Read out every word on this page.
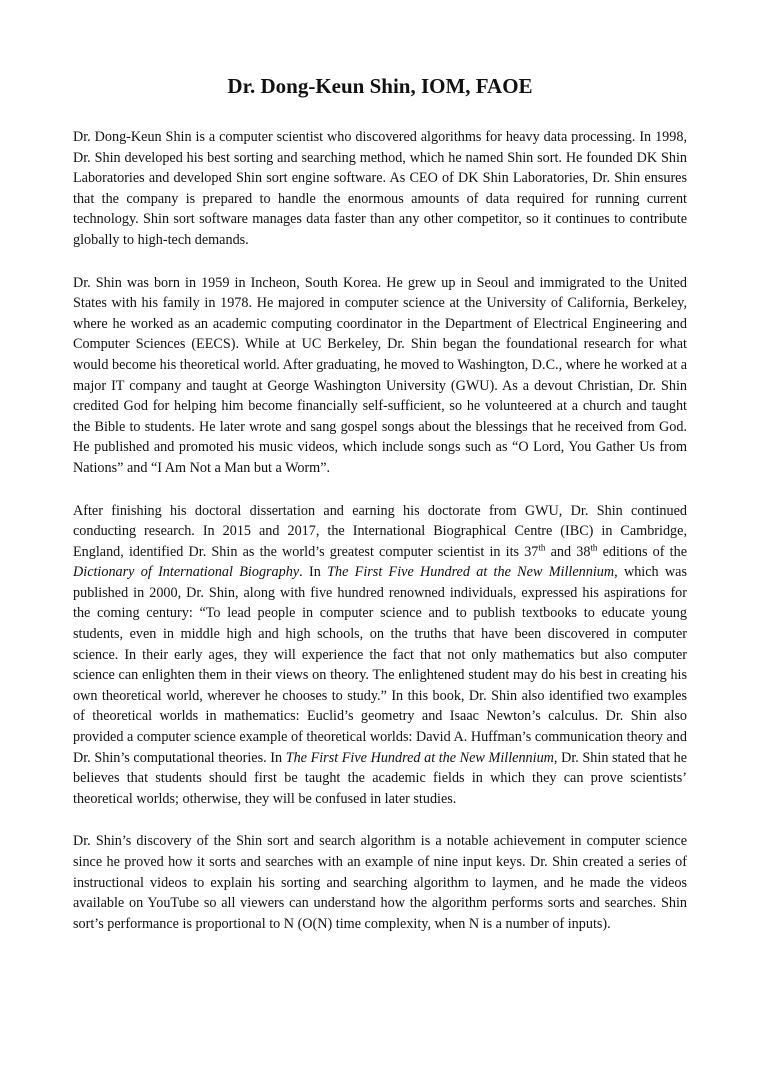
Dr. Dong-Keun Shin, IOM, FAOE

Dr. Dong-Keun Shin is a computer scientist who discovered algorithms for heavy data processing. In 1998, Dr. Shin developed his best sorting and searching method, which he named Shin sort. He founded DK Shin Laboratories and developed Shin sort engine software. As CEO of DK Shin Laboratories, Dr. Shin ensures that the company is prepared to handle the enormous amounts of data required for running current technology. Shin sort software manages data faster than any other competitor, so it continues to contribute globally to high-tech demands.

Dr. Shin was born in 1959 in Incheon, South Korea. He grew up in Seoul and immigrated to the United States with his family in 1978. He majored in computer science at the University of California, Berkeley, where he worked as an academic computing coordinator in the Department of Electrical Engineering and Computer Sciences (EECS). While at UC Berkeley, Dr. Shin began the foundational research for what would become his theoretical world. After graduating, he moved to Washington, D.C., where he worked at a major IT company and taught at George Washington University (GWU). As a devout Christian, Dr. Shin credited God for helping him become financially self-sufficient, so he volunteered at a church and taught the Bible to students. He later wrote and sang gospel songs about the blessings that he received from God. He published and promoted his music videos, which include songs such as “O Lord, You Gather Us from Nations” and “I Am Not a Man but a Worm”.

After finishing his doctoral dissertation and earning his doctorate from GWU, Dr. Shin continued conducting research. In 2015 and 2017, the International Biographical Centre (IBC) in Cambridge, England, identified Dr. Shin as the world’s greatest computer scientist in its 37th and 38th editions of the Dictionary of International Biography. In The First Five Hundred at the New Millennium, which was published in 2000, Dr. Shin, along with five hundred renowned individuals, expressed his aspirations for the coming century: “To lead people in computer science and to publish textbooks to educate young students, even in middle high and high schools, on the truths that have been discovered in computer science. In their early ages, they will experience the fact that not only mathematics but also computer science can enlighten them in their views on theory. The enlightened student may do his best in creating his own theoretical world, wherever he chooses to study.” In this book, Dr. Shin also identified two examples of theoretical worlds in mathematics: Euclid’s geometry and Isaac Newton’s calculus. Dr. Shin also provided a computer science example of theoretical worlds: David A. Huffman’s communication theory and Dr. Shin’s computational theories. In The First Five Hundred at the New Millennium, Dr. Shin stated that he believes that students should first be taught the academic fields in which they can prove scientists’ theoretical worlds; otherwise, they will be confused in later studies.

Dr. Shin’s discovery of the Shin sort and search algorithm is a notable achievement in computer science since he proved how it sorts and searches with an example of nine input keys. Dr. Shin created a series of instructional videos to explain his sorting and searching algorithm to laymen, and he made the videos available on YouTube so all viewers can understand how the algorithm performs sorts and searches. Shin sort’s performance is proportional to N (O(N) time complexity, when N is a number of inputs).
